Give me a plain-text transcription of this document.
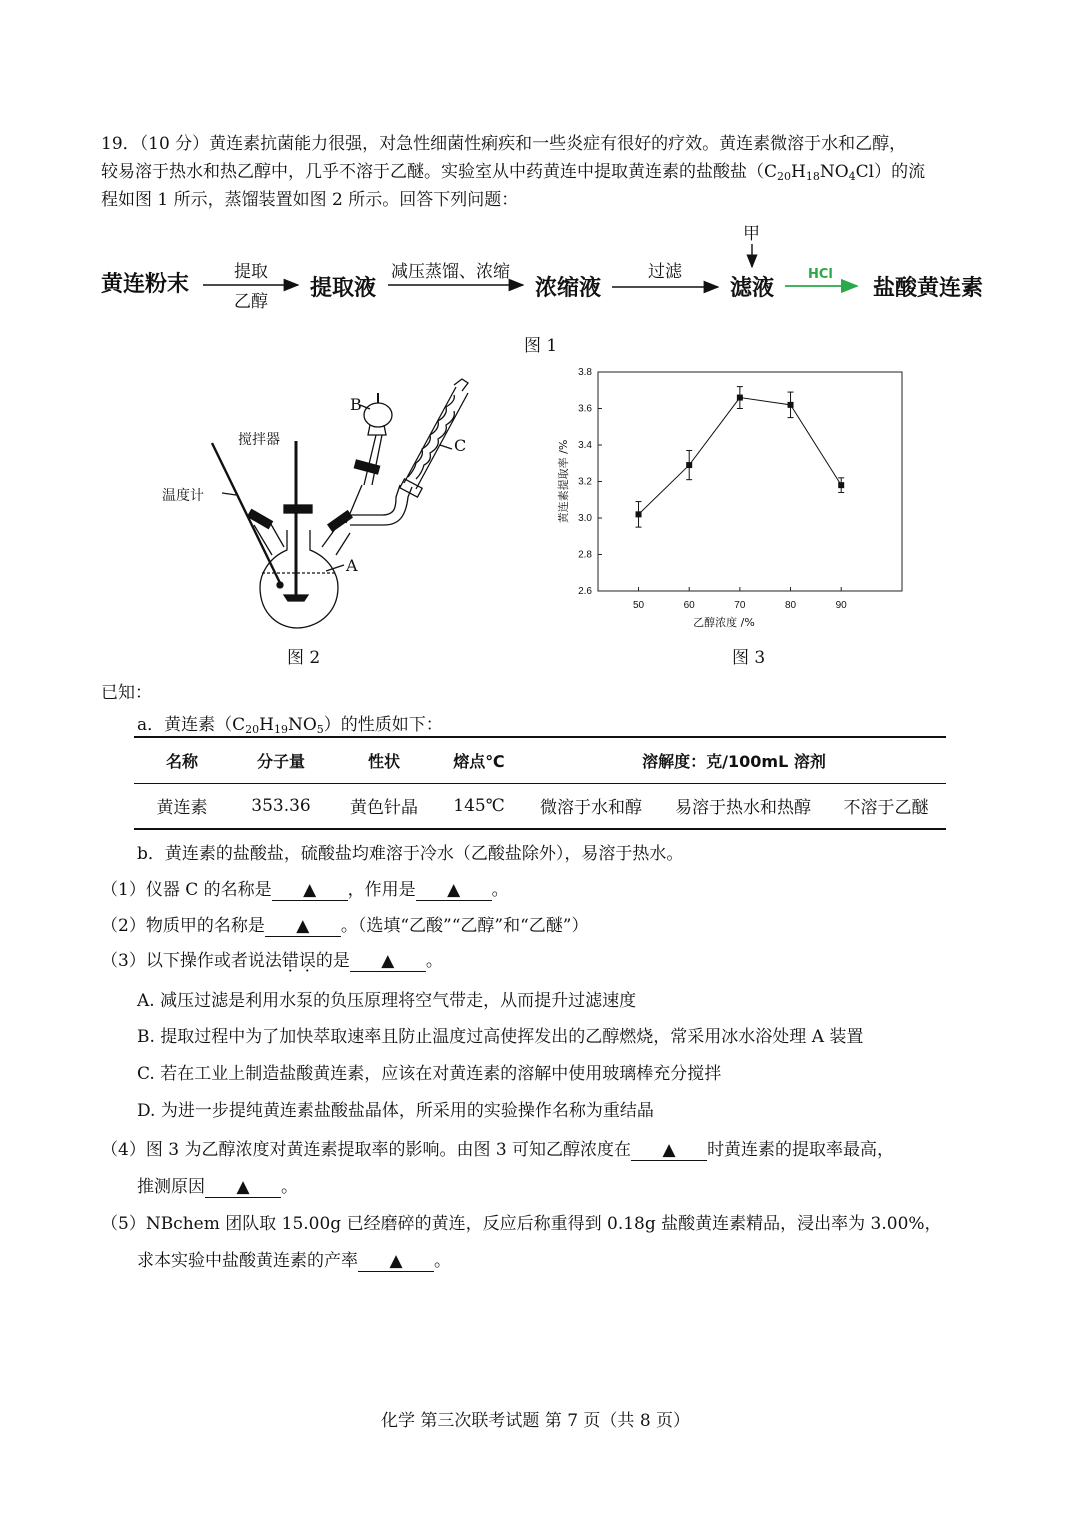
19．（10 分）黄连素抗菌能力很强，对急性细菌性痢疾和一些炎症有很好的疗效。黄连素微溶于水和乙醇，
较易溶于热水和热乙醇中，几乎不溶于乙醚。实验室从中药黄连中提取黄连素的盐酸盐$(C_{20}H_{18}NO_4Cl)$的流
程如图 1 所示，蒸馏装置如图 2 所示。回答下列问题：
黄连粉末	提取
乙醇
提取液
减压蒸馏、浓缩
浓缩液
过滤
甲
滤液
HCl
盐酸黄连素
图 1
B
C
A
搅拌器
温度计
图 2
2.6
2.8
3.0
3.2
3.4
3.6
3.8
50	60	70	80	90
乙醇浓度 /%
黄连素提取率 /%
图 3
已知：
a．黄连素$(C_{20}H_{19}NO_5)$的性质如下：
名称	分子量	性状	熔点℃	溶解度：克/100mL 溶剂		
黄连素	353.36	黄色针晶	145℃	微溶于水和醇	易溶于热水和热醇	不溶于乙醚
b．黄连素的盐酸盐，硫酸盐均难溶于冷水（乙酸盐除外），易溶于热水。
（1）仪器 C 的名称是 ▲ ，作用是 ▲ 。
（2）物质甲的名称是 ▲ 。（选填“乙酸”“乙醇”和“乙醚”）
（3）以下操作或者说法错误的是 ▲ 。
A. 减压过滤是利用水泵的负压原理将空气带走，从而提升过滤速度
B. 提取过程中为了加快萃取速率且防止温度过高使挥发出的乙醇燃烧，常采用冰水浴处理 A 装置
C. 若在工业上制造盐酸黄连素，应该在对黄连素的溶解中使用玻璃棒充分搅拌
D. 为进一步提纯黄连素盐酸盐晶体，所采用的实验操作名称为重结晶
（4）图 3 为乙醇浓度对黄连素提取率的影响。由图 3 可知乙醇浓度在 ▲ 时黄连素的提取率最高，
推测原因 ▲ 。
（5）NBchem 团队取 15.00g 已经磨碎的黄连，反应后称重得到 0.18g 盐酸黄连素精品，浸出率为 3.00%，
求本实验中盐酸黄连素的产率 ▲ 。
化学 第三次联考试题 第 7 页（共 8 页）
